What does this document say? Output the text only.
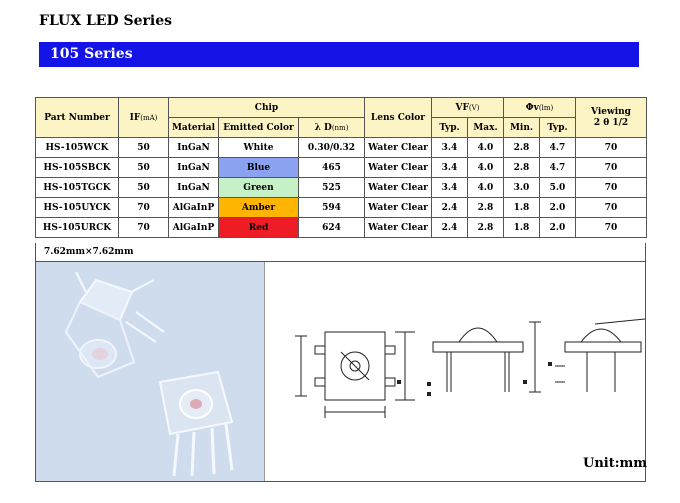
FLUX LED Series
105 Series
Part Number	IF(mA)	Chip			Lens Color	VF(V)		Φv(lm)		Viewing
2 θ 1/2

		Material	Emitted Color	λ D(nm)		Typ.	Max.	Min.	Typ.	
HS-105WCK	50	InGaN	White	0.30/0.32	Water Clear	3.4	4.0	2.8	4.7	70
HS-105SBCK	50	InGaN	Blue	465	Water Clear	3.4	4.0	2.8	4.7	70
HS-105TGCK	50	InGaN	Green	525	Water Clear	3.4	4.0	3.0	5.0	70
HS-105UYCK	70	AlGaInP	Amber	594	Water Clear	2.4	2.8	1.8	2.0	70
HS-105URCK	70	AlGaInP	Red	624	Water Clear	2.4	2.8	1.8	2.0	70
7.62mm×7.62mm
Unit:mm
